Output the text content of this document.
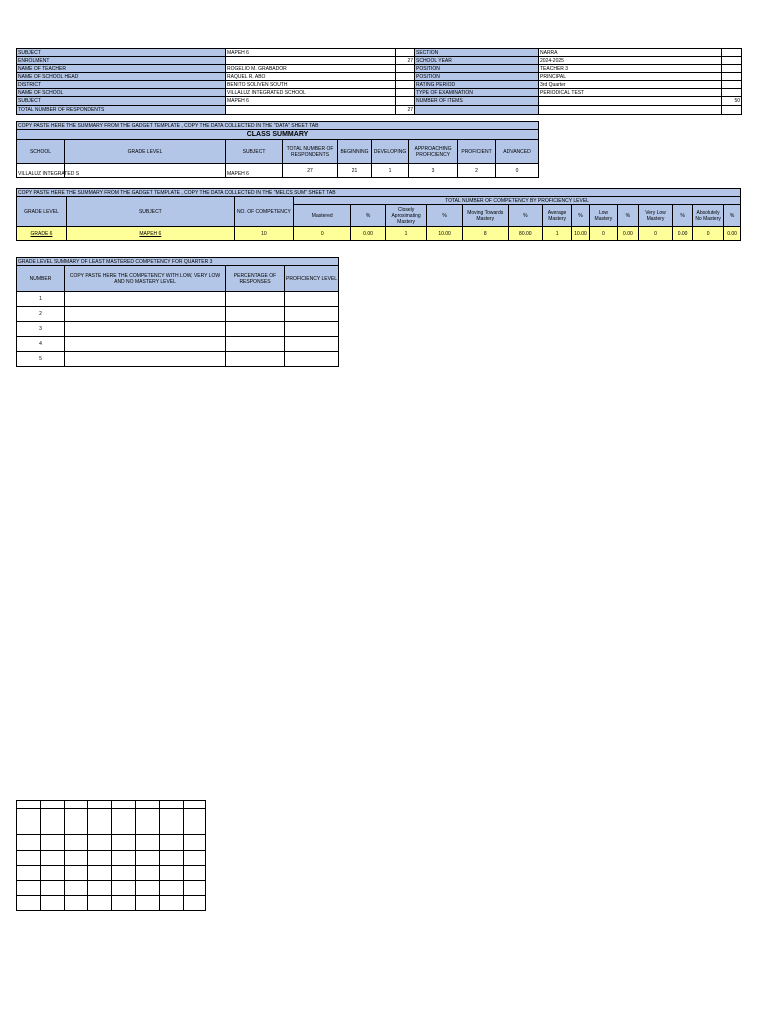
SUBJECT	MAPEH 6		SECTION	NARRA	
ENROLMENT		27	SCHOOL YEAR	2024-2025	
NAME OF TEACHER	ROGELIO M. GRABADOR		POSITION	TEACHER 3	
NAME OF SCHOOL HEAD	RAQUEL R. ABO		POSITION	PRINCIPAL	
DISTRICT	BENITO SOLIVEN SOUTH		RATING PERIOD	3rd Quarter	
NAME OF SCHOOL	VILLALUZ INTEGRATED SCHOOL		TYPE OF EXAMINATION	PERIODICAL TEST	
SUBJECT	MAPEH 6		NUMBER OF ITEMS		50
TOTAL NUMBER OF RESPONDENTS		27			
COPY PASTE HERE THE SUMMARY FROM THE GADGET TEMPLATE , COPY THE DATA COLLECTED IN THE "DATA" SHEET TAB								
CLASS SUMMARY								
SCHOOL	GRADE LEVEL	SUBJECT	TOTAL NUMBER OF RESPONDENTS	BEGINNING	DEVELOPING	APPROACHING PROFICIENCY	PROFICIENT	ADVANCED
VILLALUZ INTEGRATED S		MAPEH 6	27	21	1	3	2	0
COPY PASTE HERE THE SUMMARY FROM THE GADGET TEMPLATE , COPY THE DATA COLLECTED IN THE "MELCS SUM" SHEET TAB																
GRADE LEVEL	SUBJECT	NO. OF COMPETENCY	TOTAL NUMBER OF COMPETENCY BY PROFICIENCY LEVEL													
			Mastered	%	Closely Aproximating Mastery	%	Moving Towards Mastery	%	Average Mastery	%	Low Mastery	%	Very Low Mastery	%	Absolutely No Mastery	%
GRADE 6	MAPEH 6	10	0	0.00	1	10.00	8	80.00	1	10.00	0	0.00	0	0.00	0	0.00
GRADE LEVEL SUMMARY OF LEAST MASTERED COMPETENCY FOR QUARTER 3			
NUMBER	COPY PASTE HERE THE COMPETENCY WITH LOW, VERY LOW AND NO MASTERY LEVEL	PERCENTAGE OF RESPONSES	PROFICIENCY LEVEL
1			
2			
3			
4			
5			
